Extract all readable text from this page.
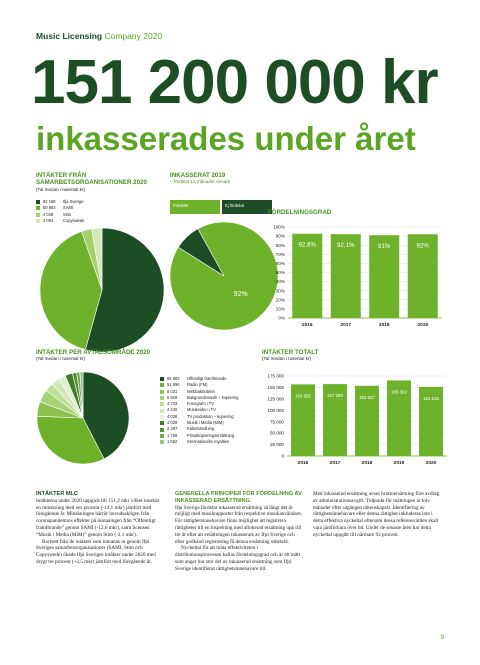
Music Licensing Company 2020
151 200 000 kr
inkasserades under året
INTÄKTER FRÅN SAMARBETSORGANISATIONER 2020
(Tal medan i tusental kr)
82 168	Ifpi Sverige
60 983	SAMI
4 029	Stim
4 054	Copyswede
INKASSERAT 2019
– fördelat 12 månader senare
Fördelat	Ej fördelat
92%
FÖRDELNINGSGRAD
100%
90%
80%
70%
60%
50%
40%
30%
20%
10%
0%
92,6%
2016
92,1%
2017
91%
2018
92%
2019
INTÄKTER PER AVTALSOMRÅDE 2020
(Tal medan i tusental kr)
65 983	Offentligt framförande
51 596	Radio (FM)
8 031	Webbaktiviteter
6 918	Bakgrundsmusik – kopiering
4 733	Fonogram i TV
4 440	Musikvideo i TV
4 028	TV produktion – kopiering
4 029	Musik i Media (MiM)
2 297	Kabelsändning
1 759	Privatkopieringsersättning
1 682	Internationella royalties
INTÄKTER TOTALT
(Tal medan i tusental kr)
175 000
150 000
125 000
100 000
75 000
50 000
25 000
0
156 655
2016
157 280
2017
153 537
2018
165 302
2019
151 216
2020
INTÄKTER MLC

Intäkterna under 2020 uppgick till 151,2 mkr vilket innebär en minskning med sex procent (-14,1 mkr) jämfört med föregående år. Minskningen härrör huvudsakligen från coronapandemins effekter på inmaningen från “Offentligt framförande” genom SAMI (-12,6 mkr), samt licensen “Musik i Media (MiM)” genom Stim (-2,1 mkr).

Bortsett från de intäkter som inmanas in genom Ifpi Sveriges samarbetsorganisationer (SAMI, Stim och Copyswede) ökade Ifpi Sveriges intäkter under 2020 med drygt tre procent (+2,5 mkr) jämfört med föregående år.

GENERELLA PRINCIPER FÖR FÖRDELNING AV INKASSERAD ERSÄTTNING

Ifpi Sverige fördelar inkasserad ersättning så långt det är möjligt med musikrapporter från respektive musikanvändare. För rättighetsinnehavare finns möjlighet att registrera rättigheter till en inspelning med allokerad ersättning upp till tre år efter att ersättningen inkasserats av Ifpi Sverige och efter godkänd registrering få denna ersättning utbetald.

Nyckeltal för att mäta effektiviteten i distributionsprocessen kallas fördelningsgrad och är ett mått som anger hur stor del av inkasserad ersättning som Ifpi Sverige identifierat rättighetsinnehavare till.

Med inkasserad ersättning avses bruttoersättning före avdrag av administrationsavgift. Tidpunkt för mätningen är tolv månader efter utgången räkenskapsår. Identifiering av rättighetsinnehavare eller denna rättighet inkluderas inte i detta effektiva nyckeltal eftersom dessa referensvärden skall vara jämförbara över tid. Under de senaste åren har detta nyckeltal uppgått till närmare 92 procent.

9
